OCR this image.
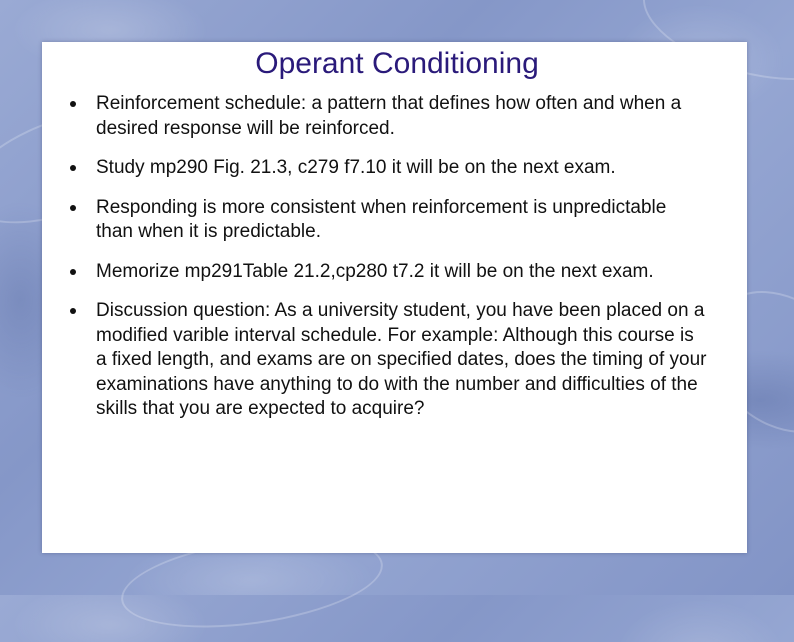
Operant Conditioning
Reinforcement schedule: a pattern that defines how often and when a desired response will be reinforced.
Study mp290 Fig. 21.3, c279 f7.10 it will be on the next exam.
Responding is more consistent when reinforcement is unpredictable than when it is predictable.
Memorize mp291Table 21.2,cp280 t7.2 it will be on the next exam.
Discussion question: As a university student, you have been placed on a modified varible interval schedule. For example: Although this course is a fixed length, and exams are on specified dates, does the timing of your examinations have anything to do with the number and difficulties of the skills that you are expected to acquire?
